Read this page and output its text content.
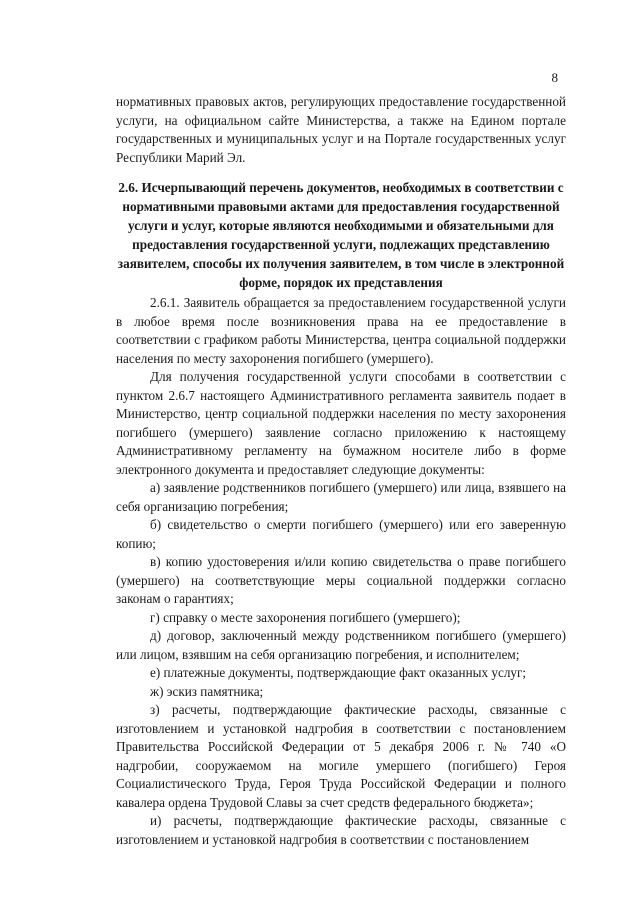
8

нормативных правовых актов, регулирующих предоставление государственной услуги, на официальном сайте Министерства, а также на Едином портале государственных и муниципальных услуг и на Портале государственных услуг Республики Марий Эл.

2.6. Исчерпывающий перечень документов, необходимых в соответствии с нормативными правовыми актами для предоставления государственной услуги и услуг, которые являются необходимыми и обязательными для предоставления государственной услуги, подлежащих представлению заявителем, способы их получения заявителем, в том числе в электронной форме, порядок их представления

2.6.1. Заявитель обращается за предоставлением государственной услуги в любое время после возникновения права на ее предоставление в соответствии с графиком работы Министерства, центра социальной поддержки населения по месту захоронения погибшего (умершего).

Для получения государственной услуги способами в соответствии с пунктом 2.6.7 настоящего Административного регламента заявитель подает в Министерство, центр социальной поддержки населения по месту захоронения погибшего (умершего) заявление согласно приложению к настоящему Административному регламенту на бумажном носителе либо в форме электронного документа и предоставляет следующие документы:

а) заявление родственников погибшего (умершего) или лица, взявшего на себя организацию погребения;

б) свидетельство о смерти погибшего (умершего) или его заверенную копию;

в) копию удостоверения и/или копию свидетельства о праве погибшего (умершего) на соответствующие меры социальной поддержки согласно законам о гарантиях;

г) справку о месте захоронения погибшего (умершего);

д) договор, заключенный между родственником погибшего (умершего) или лицом, взявшим на себя организацию погребения, и исполнителем;

е) платежные документы, подтверждающие факт оказанных услуг;

ж) эскиз памятника;

з) расчеты, подтверждающие фактические расходы, связанные с изготовлением и установкой надгробия в соответствии с постановлением Правительства Российской Федерации от 5 декабря 2006 г. № 740 «О надгробии, сооружаемом на могиле умершего (погибшего) Героя Социалистического Труда, Героя Труда Российской Федерации и полного кавалера ордена Трудовой Славы за счет средств федерального бюджета»;

и) расчеты, подтверждающие фактические расходы, связанные с изготовлением и установкой надгробия в соответствии с постановлением
